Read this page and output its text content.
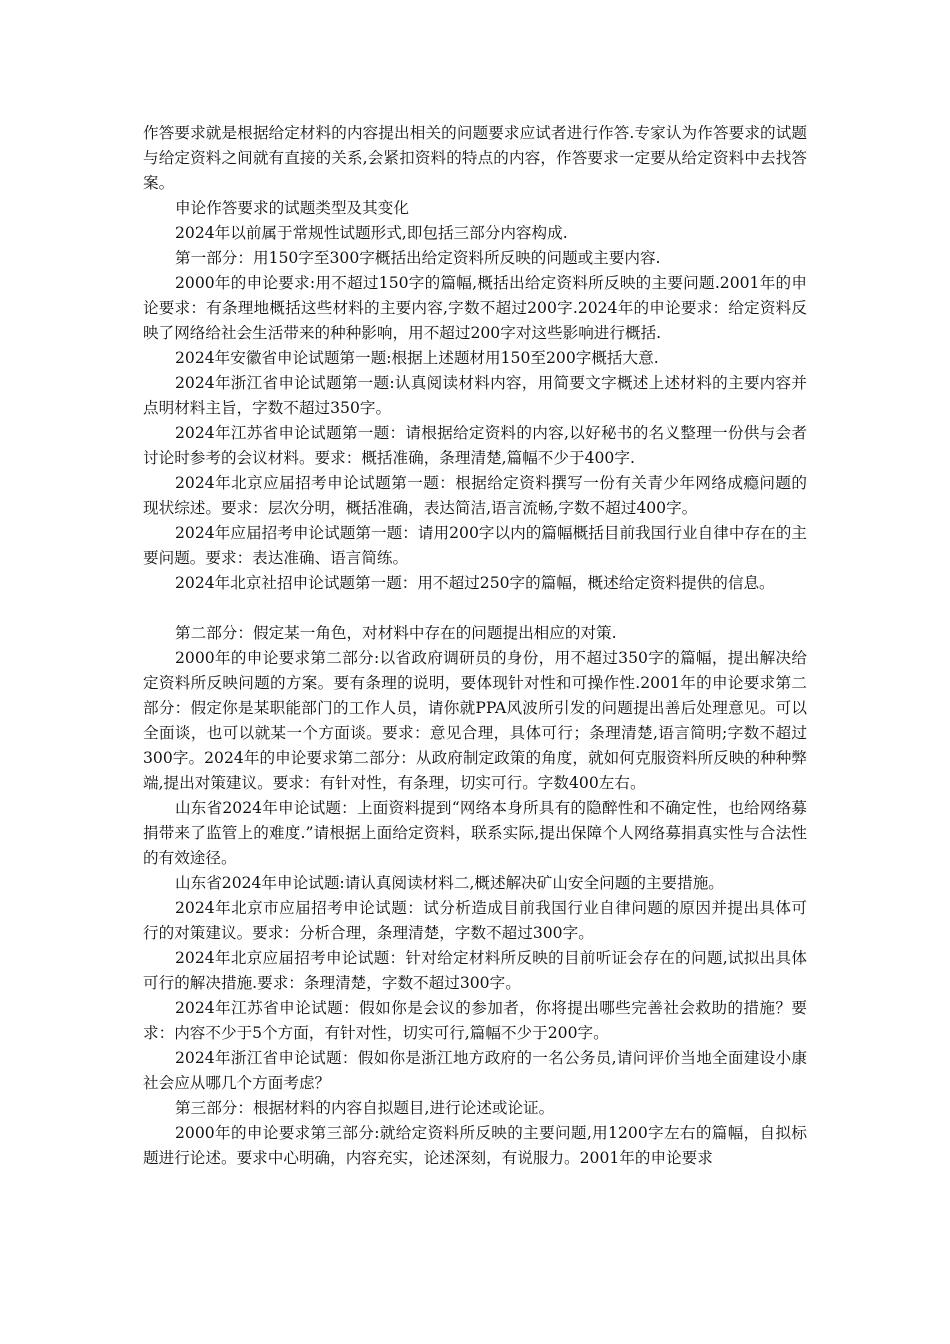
作答要求就是根据给定材料的内容提出相关的问题要求应试者进行作答.专家认为作答要求的试题与给定资料之间就有直接的关系,会紧扣资料的特点的内容，作答要求一定要从给定资料中去找答案。

申论作答要求的试题类型及其变化

2024年以前属于常规性试题形式,即包括三部分内容构成.

第一部分：用150字至300字概括出给定资料所反映的问题或主要内容.

2000年的申论要求:用不超过150字的篇幅,概括出给定资料所反映的主要问题.2001年的申论要求：有条理地概括这些材料的主要内容,字数不超过200字.2024年的申论要求：给定资料反映了网络给社会生活带来的种种影响，用不超过200字对这些影响进行概括.

2024年安徽省申论试题第一题:根据上述题材用150至200字概括大意.

2024年浙江省申论试题第一题:认真阅读材料内容，用简要文字概述上述材料的主要内容并点明材料主旨，字数不超过350字。

2024年江苏省申论试题第一题：请根据给定资料的内容,以好秘书的名义整理一份供与会者讨论时参考的会议材料。要求：概括准确，条理清楚,篇幅不少于400字.

2024年北京应届招考申论试题第一题：根据给定资料撰写一份有关青少年网络成瘾问题的现状综述。要求：层次分明，概括准确，表达简洁,语言流畅,字数不超过400字。

2024年应届招考申论试题第一题：请用200字以内的篇幅概括目前我国行业自律中存在的主要问题。要求：表达准确、语言简练。

2024年北京社招申论试题第一题：用不超过250字的篇幅，概述给定资料提供的信息。

第二部分：假定某一角色，对材料中存在的问题提出相应的对策.

2000年的申论要求第二部分:以省政府调研员的身份，用不超过350字的篇幅，提出解决给定资料所反映问题的方案。要有条理的说明，要体现针对性和可操作性.2001年的申论要求第二部分：假定你是某职能部门的工作人员，请你就PPA风波所引发的问题提出善后处理意见。可以全面谈，也可以就某一个方面谈。要求：意见合理，具体可行；条理清楚,语言简明;字数不超过300字。2024年的申论要求第二部分：从政府制定政策的角度，就如何克服资料所反映的种种弊端,提出对策建议。要求：有针对性，有条理，切实可行。字数400左右。

山东省2024年申论试题：上面资料提到“网络本身所具有的隐醉性和不确定性，也给网络募捐带来了监管上的难度.”请根据上面给定资料，联系实际,提出保障个人网络募捐真实性与合法性的有效途径。

山东省2024年申论试题:请认真阅读材料二,概述解决矿山安全问题的主要措施。

2024年北京市应届招考申论试题：试分析造成目前我国行业自律问题的原因并提出具体可行的对策建议。要求：分析合理，条理清楚，字数不超过300字。

2024年北京应届招考申论试题：针对给定材料所反映的目前听证会存在的问题,试拟出具体可行的解决措施.要求：条理清楚，字数不超过300字。

2024年江苏省申论试题：假如你是会议的参加者，你将提出哪些完善社会救助的措施？要求：内容不少于5个方面，有针对性，切实可行,篇幅不少于200字。

2024年浙江省申论试题：假如你是浙江地方政府的一名公务员,请问评价当地全面建设小康社会应从哪几个方面考虑？

第三部分：根据材料的内容自拟题目,进行论述或论证。

2000年的申论要求第三部分:就给定资料所反映的主要问题,用1200字左右的篇幅，自拟标题进行论述。要求中心明确，内容充实，论述深刻，有说服力。2001年的申论要求
